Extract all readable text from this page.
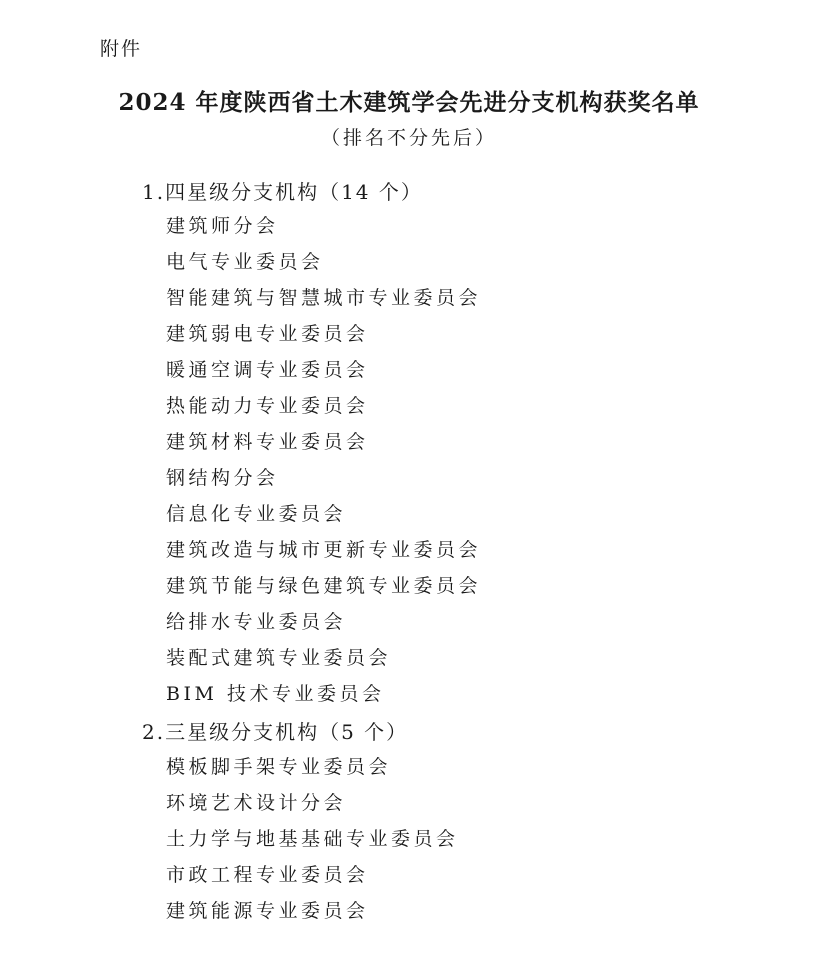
附件
2024 年度陕西省土木建筑学会先进分支机构获奖名单
（排名不分先后）
1.四星级分支机构（14 个）
建筑师分会
电气专业委员会
智能建筑与智慧城市专业委员会
建筑弱电专业委员会
暖通空调专业委员会
热能动力专业委员会
建筑材料专业委员会
钢结构分会
信息化专业委员会
建筑改造与城市更新专业委员会
建筑节能与绿色建筑专业委员会
给排水专业委员会
装配式建筑专业委员会
BIM 技术专业委员会
2.三星级分支机构（5 个）
模板脚手架专业委员会
环境艺术设计分会
土力学与地基基础专业委员会
市政工程专业委员会
建筑能源专业委员会
